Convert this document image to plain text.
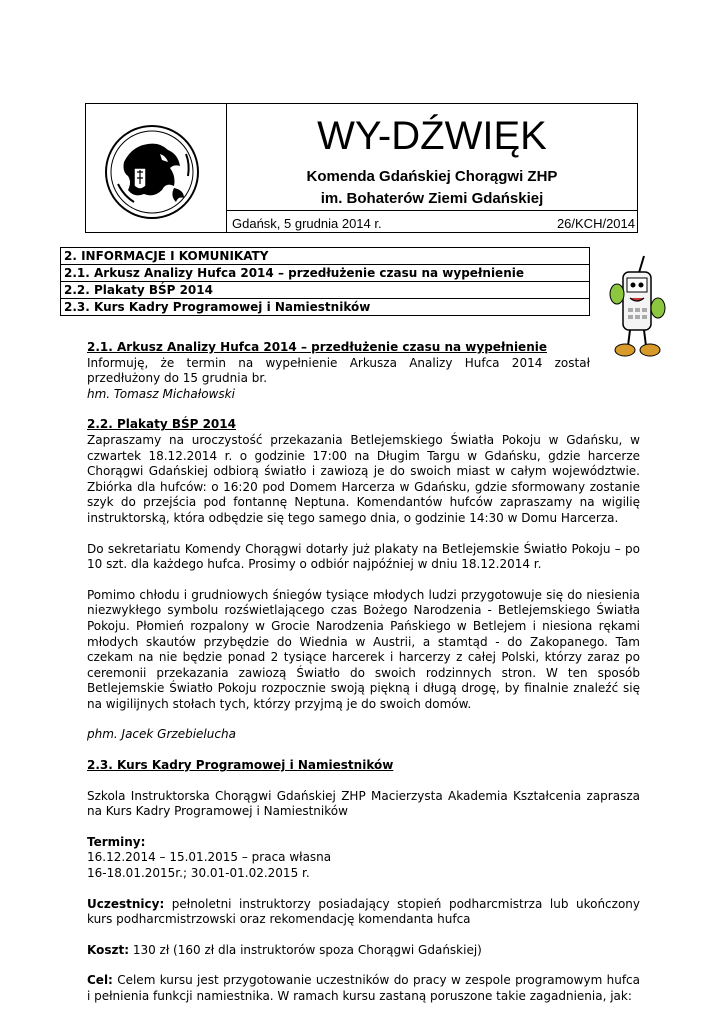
WY-DŹWIĘK
Komenda Gdańskiej Chorągwi ZHP
im. Bohaterów Ziemi Gdańskiej
Gdańsk, 5 grudnia 2014 r.	26/KCH/2014
2. INFORMACJE I KOMUNIKATY
2.1. Arkusz Analizy Hufca 2014 – przedłużenie czasu na wypełnienie
2.2. Plakaty BŚP 2014
2.3. Kurs Kadry Programowej i Namiestników

2.1. Arkusz Analizy Hufca 2014 – przedłużenie czasu na wypełnienie

Informuję, że termin na wypełnienie Arkusza Analizy Hufca 2014 został przedłużony do 15 grudnia br.

hm. Tomasz Michałowski

2.2. Plakaty BŚP 2014

Zapraszamy na uroczystość przekazania Betlejemskiego Światła Pokoju w Gdańsku, w czwartek 18.12.2014 r. o godzinie 17:00 na Długim Targu w Gdańsku, gdzie harcerze Chorągwi Gdańskiej odbiorą światło i zawiozą je do swoich miast w całym województwie. Zbiórka dla hufców: o 16:20 pod Domem Harcerza w Gdańsku, gdzie sformowany zostanie szyk do przejścia pod fontannę Neptuna. Komendantów hufców zapraszamy na wigilię instruktorską, która odbędzie się tego samego dnia, o godzinie 14:30 w Domu Harcerza.

Do sekretariatu Komendy Chorągwi dotarły już plakaty na Betlejemskie Światło Pokoju – po 10 szt. dla każdego hufca. Prosimy o odbiór najpóźniej w dniu 18.12.2014 r.

Pomimo chłodu i grudniowych śniegów tysiące młodych ludzi przygotowuje się do niesienia niezwykłego symbolu rozświetlającego czas Bożego Narodzenia - Betlejemskiego Światła Pokoju. Płomień rozpalony w Grocie Narodzenia Pańskiego w Betlejem i niesiona rękami młodych skautów przybędzie do Wiednia w Austrii, a stamtąd - do Zakopanego. Tam czekam na nie będzie ponad 2 tysiące harcerek i harcerzy z całej Polski, którzy zaraz po ceremonii przekazania zawiozą Światło do swoich rodzinnych stron. W ten sposób Betlejemskie Światło Pokoju rozpocznie swoją piękną i długą drogę, by finalnie znaleźć się na wigilijnych stołach tych, którzy przyjmą je do swoich domów.

phm. Jacek Grzebielucha

2.3. Kurs Kadry Programowej i Namiestników

Szkola Instruktorska Chorągwi Gdańskiej ZHP Macierzysta Akademia Kształcenia zaprasza na Kurs Kadry Programowej i Namiestników

Terminy:

16.12.2014 – 15.01.2015 – praca własna

16-18.01.2015r.; 30.01-01.02.2015 r.

Uczestnicy: pełnoletni instruktorzy posiadający stopień podharcmistrza lub ukończony kurs podharcmistrzowski oraz rekomendację komendanta hufca

Koszt: 130 zł (160 zł dla instruktorów spoza Chorągwi Gdańskiej)

Cel: Celem kursu jest przygotowanie uczestników do pracy w zespole programowym hufca i pełnienia funkcji namiestnika. W ramach kursu zastaną poruszone takie zagadnienia, jak:
